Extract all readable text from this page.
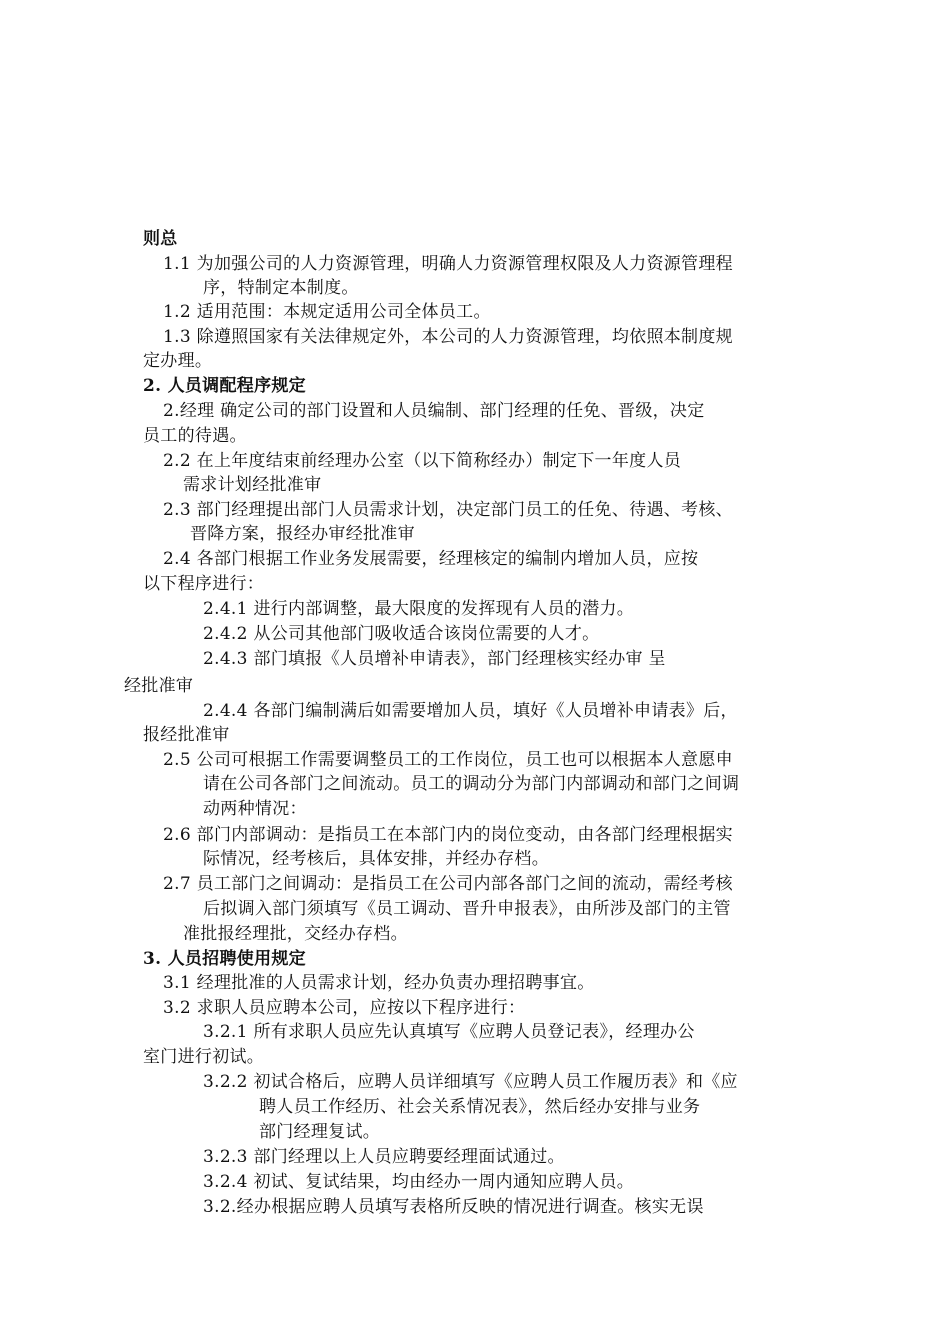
则总
1.1 为加强公司的人力资源管理，明确人力资源管理权限及人力资源管理程
序，特制定本制度。
1.2 适用范围：本规定适用公司全体员工。
1.3 除遵照国家有关法律规定外，本公司的人力资源管理，均依照本制度规
定办理。
2. 人员调配程序规定
2.经理 确定公司的部门设置和人员编制、部门经理的任免、晋级，决定
员工的待遇。
2.2 在上年度结束前经理办公室（以下简称经办）制定下一年度人员
需求计划经批准审
2.3 部门经理提出部门人员需求计划，决定部门员工的任免、待遇、考核、
晋降方案，报经办审经批准审
2.4 各部门根据工作业务发展需要，经理核定的编制内增加人员，应按
以下程序进行：
2.4.1 进行内部调整，最大限度的发挥现有人员的潜力。
2.4.2 从公司其他部门吸收适合该岗位需要的人才。
2.4.3 部门填报《人员增补申请表》，部门经理核实经办审 呈
经批准审
2.4.4 各部门编制满后如需要增加人员，填好《人员增补申请表》后，
报经批准审
2.5 公司可根据工作需要调整员工的工作岗位，员工也可以根据本人意愿申
请在公司各部门之间流动。员工的调动分为部门内部调动和部门之间调
动两种情况：
2.6 部门内部调动：是指员工在本部门内的岗位变动，由各部门经理根据实
际情况，经考核后，具体安排，并经办存档。
2.7 员工部门之间调动：是指员工在公司内部各部门之间的流动，需经考核
后拟调入部门须填写《员工调动、晋升申报表》，由所涉及部门的主管
准批报经理批，交经办存档。
3. 人员招聘使用规定
3.1 经理批准的人员需求计划，经办负责办理招聘事宜。
3.2 求职人员应聘本公司，应按以下程序进行：
3.2.1 所有求职人员应先认真填写《应聘人员登记表》，经理办公
室门进行初试。
3.2.2 初试合格后，应聘人员详细填写《应聘人员工作履历表》和《应
聘人员工作经历、社会关系情况表》，然后经办安排与业务
部门经理复试。
3.2.3 部门经理以上人员应聘要经理面试通过。
3.2.4 初试、复试结果，均由经办一周内通知应聘人员。
3.2.经办根据应聘人员填写表格所反映的情况进行调查。核实无误
